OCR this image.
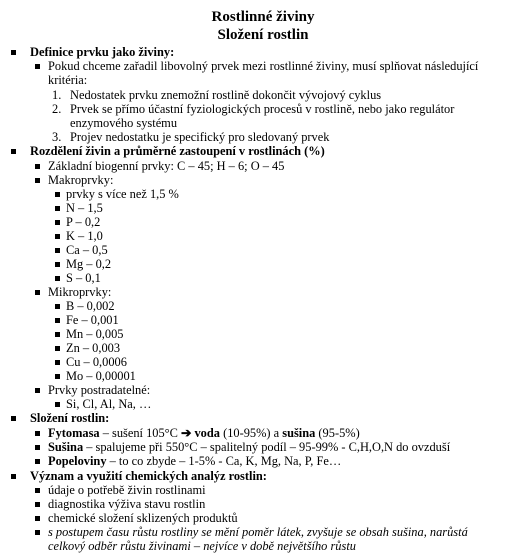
Rostlinné živiny
Složení rostlin
Definice prvku jako živiny:
Pokud chceme zařadil libovolný prvek mezi rostlinné živiny, musí splňovat následující
kritéria:
1. Nedostatek prvku znemožní rostlině dokončit vývojový cyklus
2. Prvek se přímo účastní fyziologických procesů v rostlině, nebo jako regulátor
enzymového systému
3. Projev nedostatku je specifický pro sledovaný prvek
Rozdělení živin a průměrné zastoupení v rostlinách (%)
Základní biogenní prvky: C – 45; H – 6; O – 45
Makroprvky:
prvky s více než 1,5 %
N – 1,5
P – 0,2
K – 1,0
Ca – 0,5
Mg – 0,2
S – 0,1
Mikroprvky:
B – 0,002
Fe – 0,001
Mn – 0,005
Zn – 0,003
Cu – 0,0006
Mo – 0,00001
Prvky postradatelné:
Si, Cl, Al, Na, …
Složení rostlin:
Fytomasa – sušení 105°C ➔ voda (10-95%) a sušina (95-5%)
Sušina – spalujeme při 550°C – spalitelný podíl – 95-99% - C,H,O,N do ovzduší
Popeloviny – to co zbyde – 1-5% - Ca, K, Mg, Na, P, Fe…
Význam a využití chemických analýz rostlin:
údaje o potřebě živin rostlinami
diagnostika výživa stavu rostlin
chemické složení sklizených produktů
s postupem času růstu rostliny se mění poměr látek, zvyšuje se obsah sušina, narůstá
celkový odběr růstu živinami – nejvíce v době největšího růstu
